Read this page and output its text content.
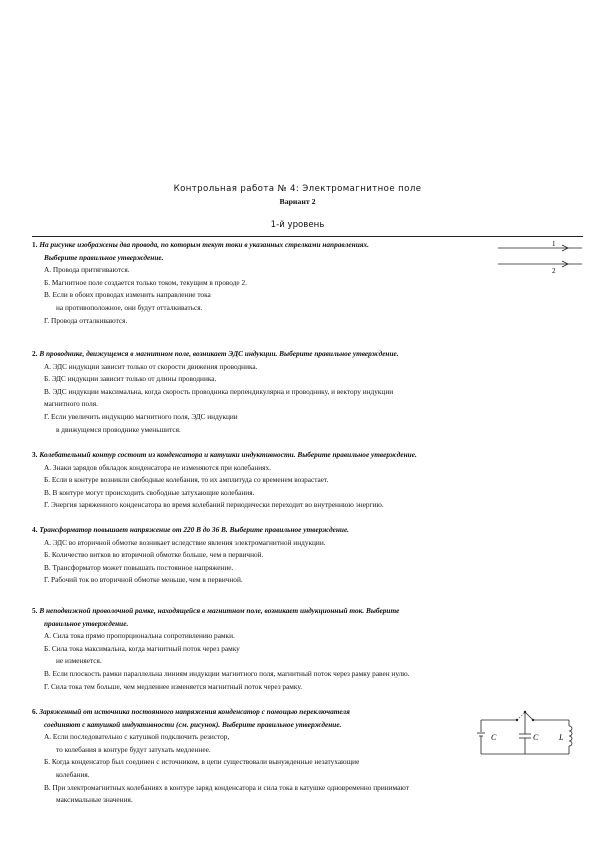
Контрольная работа № 4: Электромагнитное поле
Вариант 2
1-й уровень
1. На рисунке изображены два провода, по которым текут токи в указанных стрелками направлениях.
Выберите правильное утверждение.
А. Провода притягиваются.
Б. Магнитное поле создается только током, текущим в проводе 2.
В. Если в обоих проводах изменить направление тока
на противоположное, они будут отталкиваться.
Г. Провода отталкиваются.
1
2
2. В проводнике, движущемся в магнитном поле, возникает ЭДС индукции. Выберите правильное утверждение.
А. ЭДС индукции зависит только от скорости движения проводника.
Б. ЭДС индукции зависит только от длины проводника.
В. ЭДС индукции максимальна, когда скорость проводника перпендикулярна и проводнику, и вектору индукции
магнитного поля.
Г. Если увеличить индукцию магнитного поля, ЭДС индукции
в движущемся проводнике уменьшится.
3. Колебательный контур состоит из конденсатора и катушки индуктивности. Выберите правильное утверждение.
А. Знаки зарядов обкладок конденсатора не изменяются при колебаниях.
Б. Если в контуре возникли свободные колебания, то их амплитуда со временем возрастает.
В. В контуре могут происходить свободные затухающие колебания.
Г. Энергия заряженного конденсатора во время колебаний периодически переходит во внутреннюю энергию.
4. Трансформатор повышает напряжение от 220 В до 36 В. Выберите правильное утверждение.
А. ЭДС во вторичной обмотке возникает вследствие явления электромагнитной индукции.
Б. Количество витков во вторичной обмотке больше, чем в первичной.
В. Трансформатор может повышать постоянное напряжение.
Г. Рабочий ток во вторичной обмотке меньше, чем в первичной.
5. В неподвижной проволочной рамке, находящейся в магнитном поле, возникает индукционный ток. Выберите
правильное утверждение.
А. Сила тока прямо пропорциональна сопротивлению рамки.
Б. Сила тока максимальна, когда магнитный поток через рамку
не изменяется.
В. Если плоскость рамки параллельна линиям индукции магнитного поля, магнитный поток через рамку равен нулю.
Г. Сила тока тем больше, чем медленнее изменяется магнитный поток через рамку.
6. Заряженный от источника постоянного напряжения конденсатор с помощью переключателя
соединяют с катушкой индуктивности (см. рисунок). Выберите правильное утверждение.
А. Если последовательно с катушкой подключить резистор,
то колебания в контуре будут затухать медленнее.
Б. Когда конденсатор был соединен с источником, в цепи существовали вынужденные незатухающие
колебания.
В. При электромагнитных колебаниях в контуре заряд конденсатора и сила тока в катушке одновременно принимают
максимальные значения.
C	C	L
